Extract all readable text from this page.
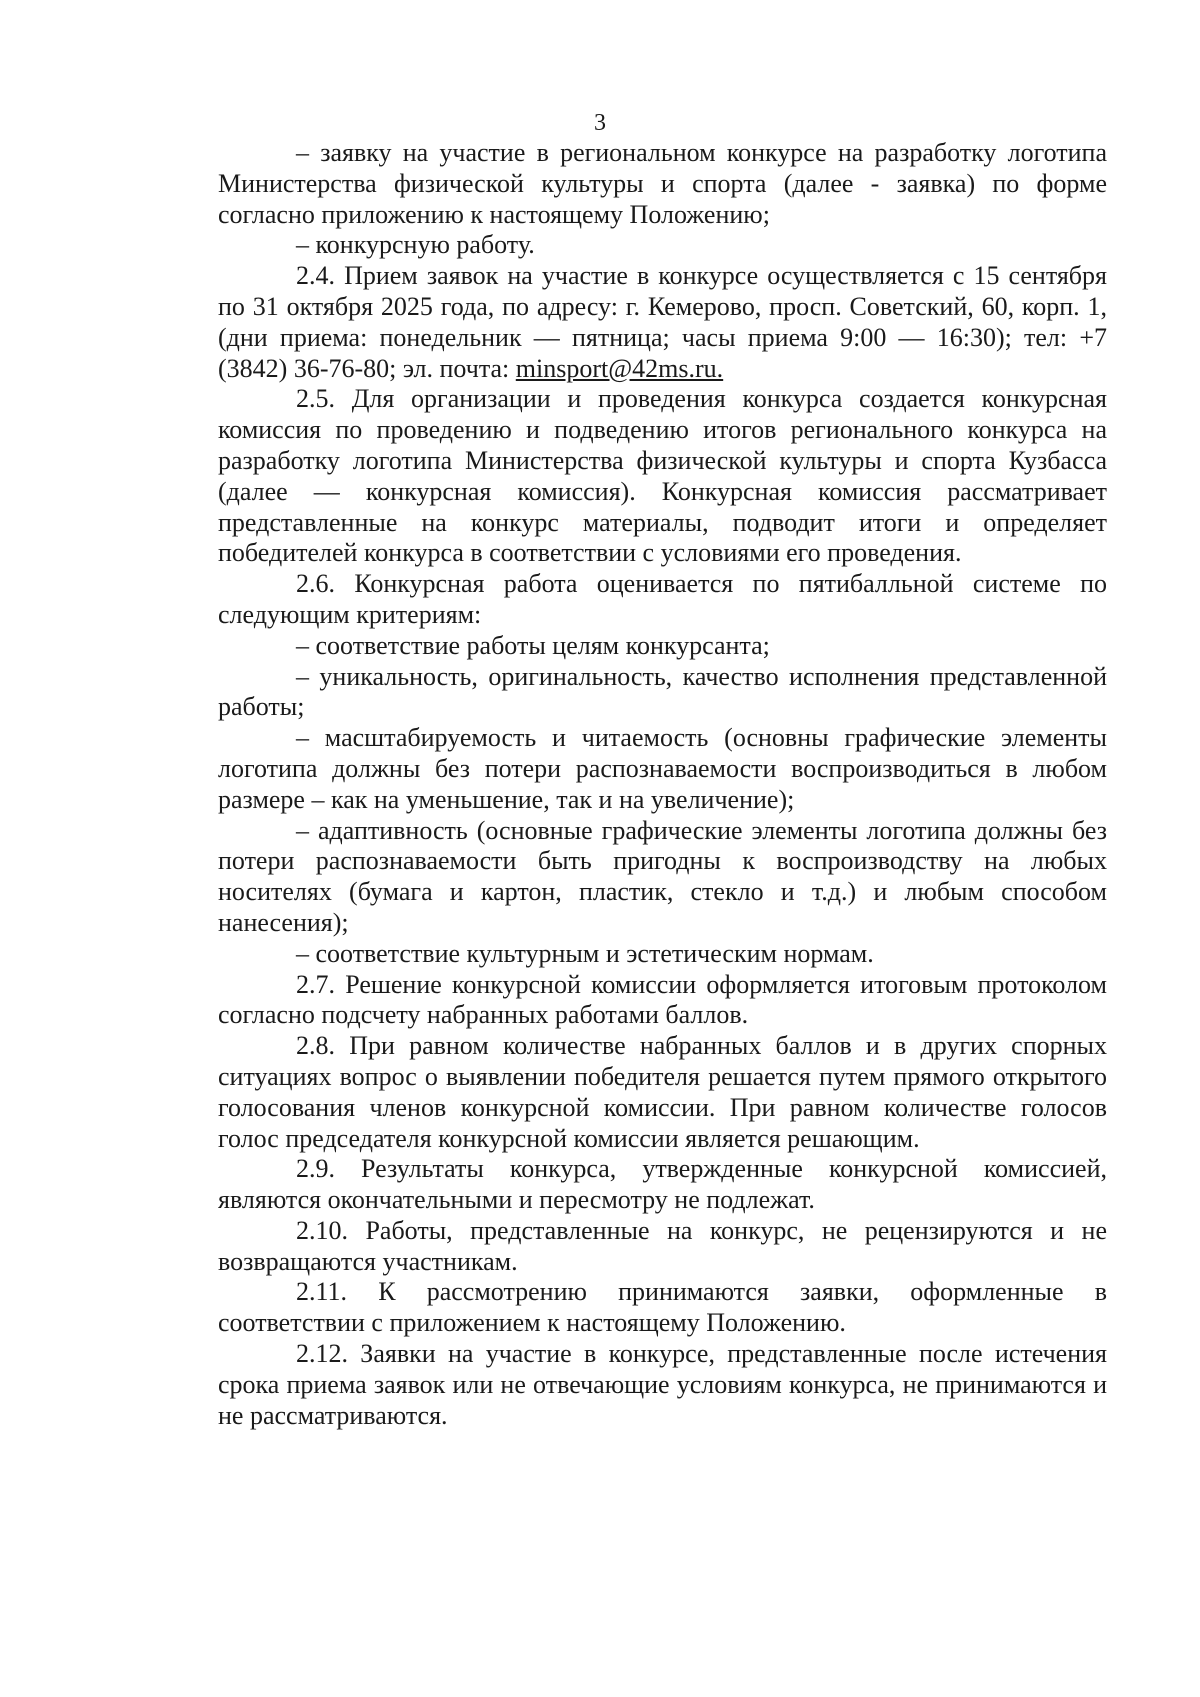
3

– заявку на участие в региональном конкурсе на разработку логотипа Министерства физической культуры и спорта (далее - заявка) по форме согласно приложению к настоящему Положению;

– конкурсную работу.

2.4. Прием заявок на участие в конкурсе осуществляется с 15 сентября по 31 октября 2025 года, по адресу: г. Кемерово, просп. Советский, 60, корп. 1, (дни приема: понедельник — пятница; часы приема 9:00 — 16:30); тел: +7 (3842) 36-76-80; эл. почта: minsport@42ms.ru.

2.5. Для организации и проведения конкурса создается конкурсная комиссия по проведению и подведению итогов регионального конкурса на разработку логотипа Министерства физической культуры и спорта Кузбасса (далее — конкурсная комиссия). Конкурсная комиссия рассматривает представленные на конкурс материалы, подводит итоги и определяет победителей конкурса в соответствии с условиями его проведения.

2.6. Конкурсная работа оценивается по пятибалльной системе по следующим критериям:

– соответствие работы целям конкурсанта;

– уникальность, оригинальность, качество исполнения представленной работы;

– масштабируемость и читаемость (основны графические элементы логотипа должны без потери распознаваемости воспроизводиться в любом размере – как на уменьшение, так и на увеличение);

– адаптивность (основные графические элементы логотипа должны без потери распознаваемости быть пригодны к воспроизводству на любых носителях (бумага и картон, пластик, стекло и т.д.) и любым способом нанесения);

– соответствие культурным и эстетическим нормам.

2.7. Решение конкурсной комиссии оформляется итоговым протоколом согласно подсчету набранных работами баллов.

2.8. При равном количестве набранных баллов и в других спорных ситуациях вопрос о выявлении победителя решается путем прямого открытого голосования членов конкурсной комиссии. При равном количестве голосов голос председателя конкурсной комиссии является решающим.

2.9. Результаты конкурса, утвержденные конкурсной комиссией, являются окончательными и пересмотру не подлежат.

2.10. Работы, представленные на конкурс, не рецензируются и не возвращаются участникам.

2.11. К рассмотрению принимаются заявки, оформленные в соответствии с приложением к настоящему Положению.

2.12. Заявки на участие в конкурсе, представленные после истечения срока приема заявок или не отвечающие условиям конкурса, не принимаются и не рассматриваются.
